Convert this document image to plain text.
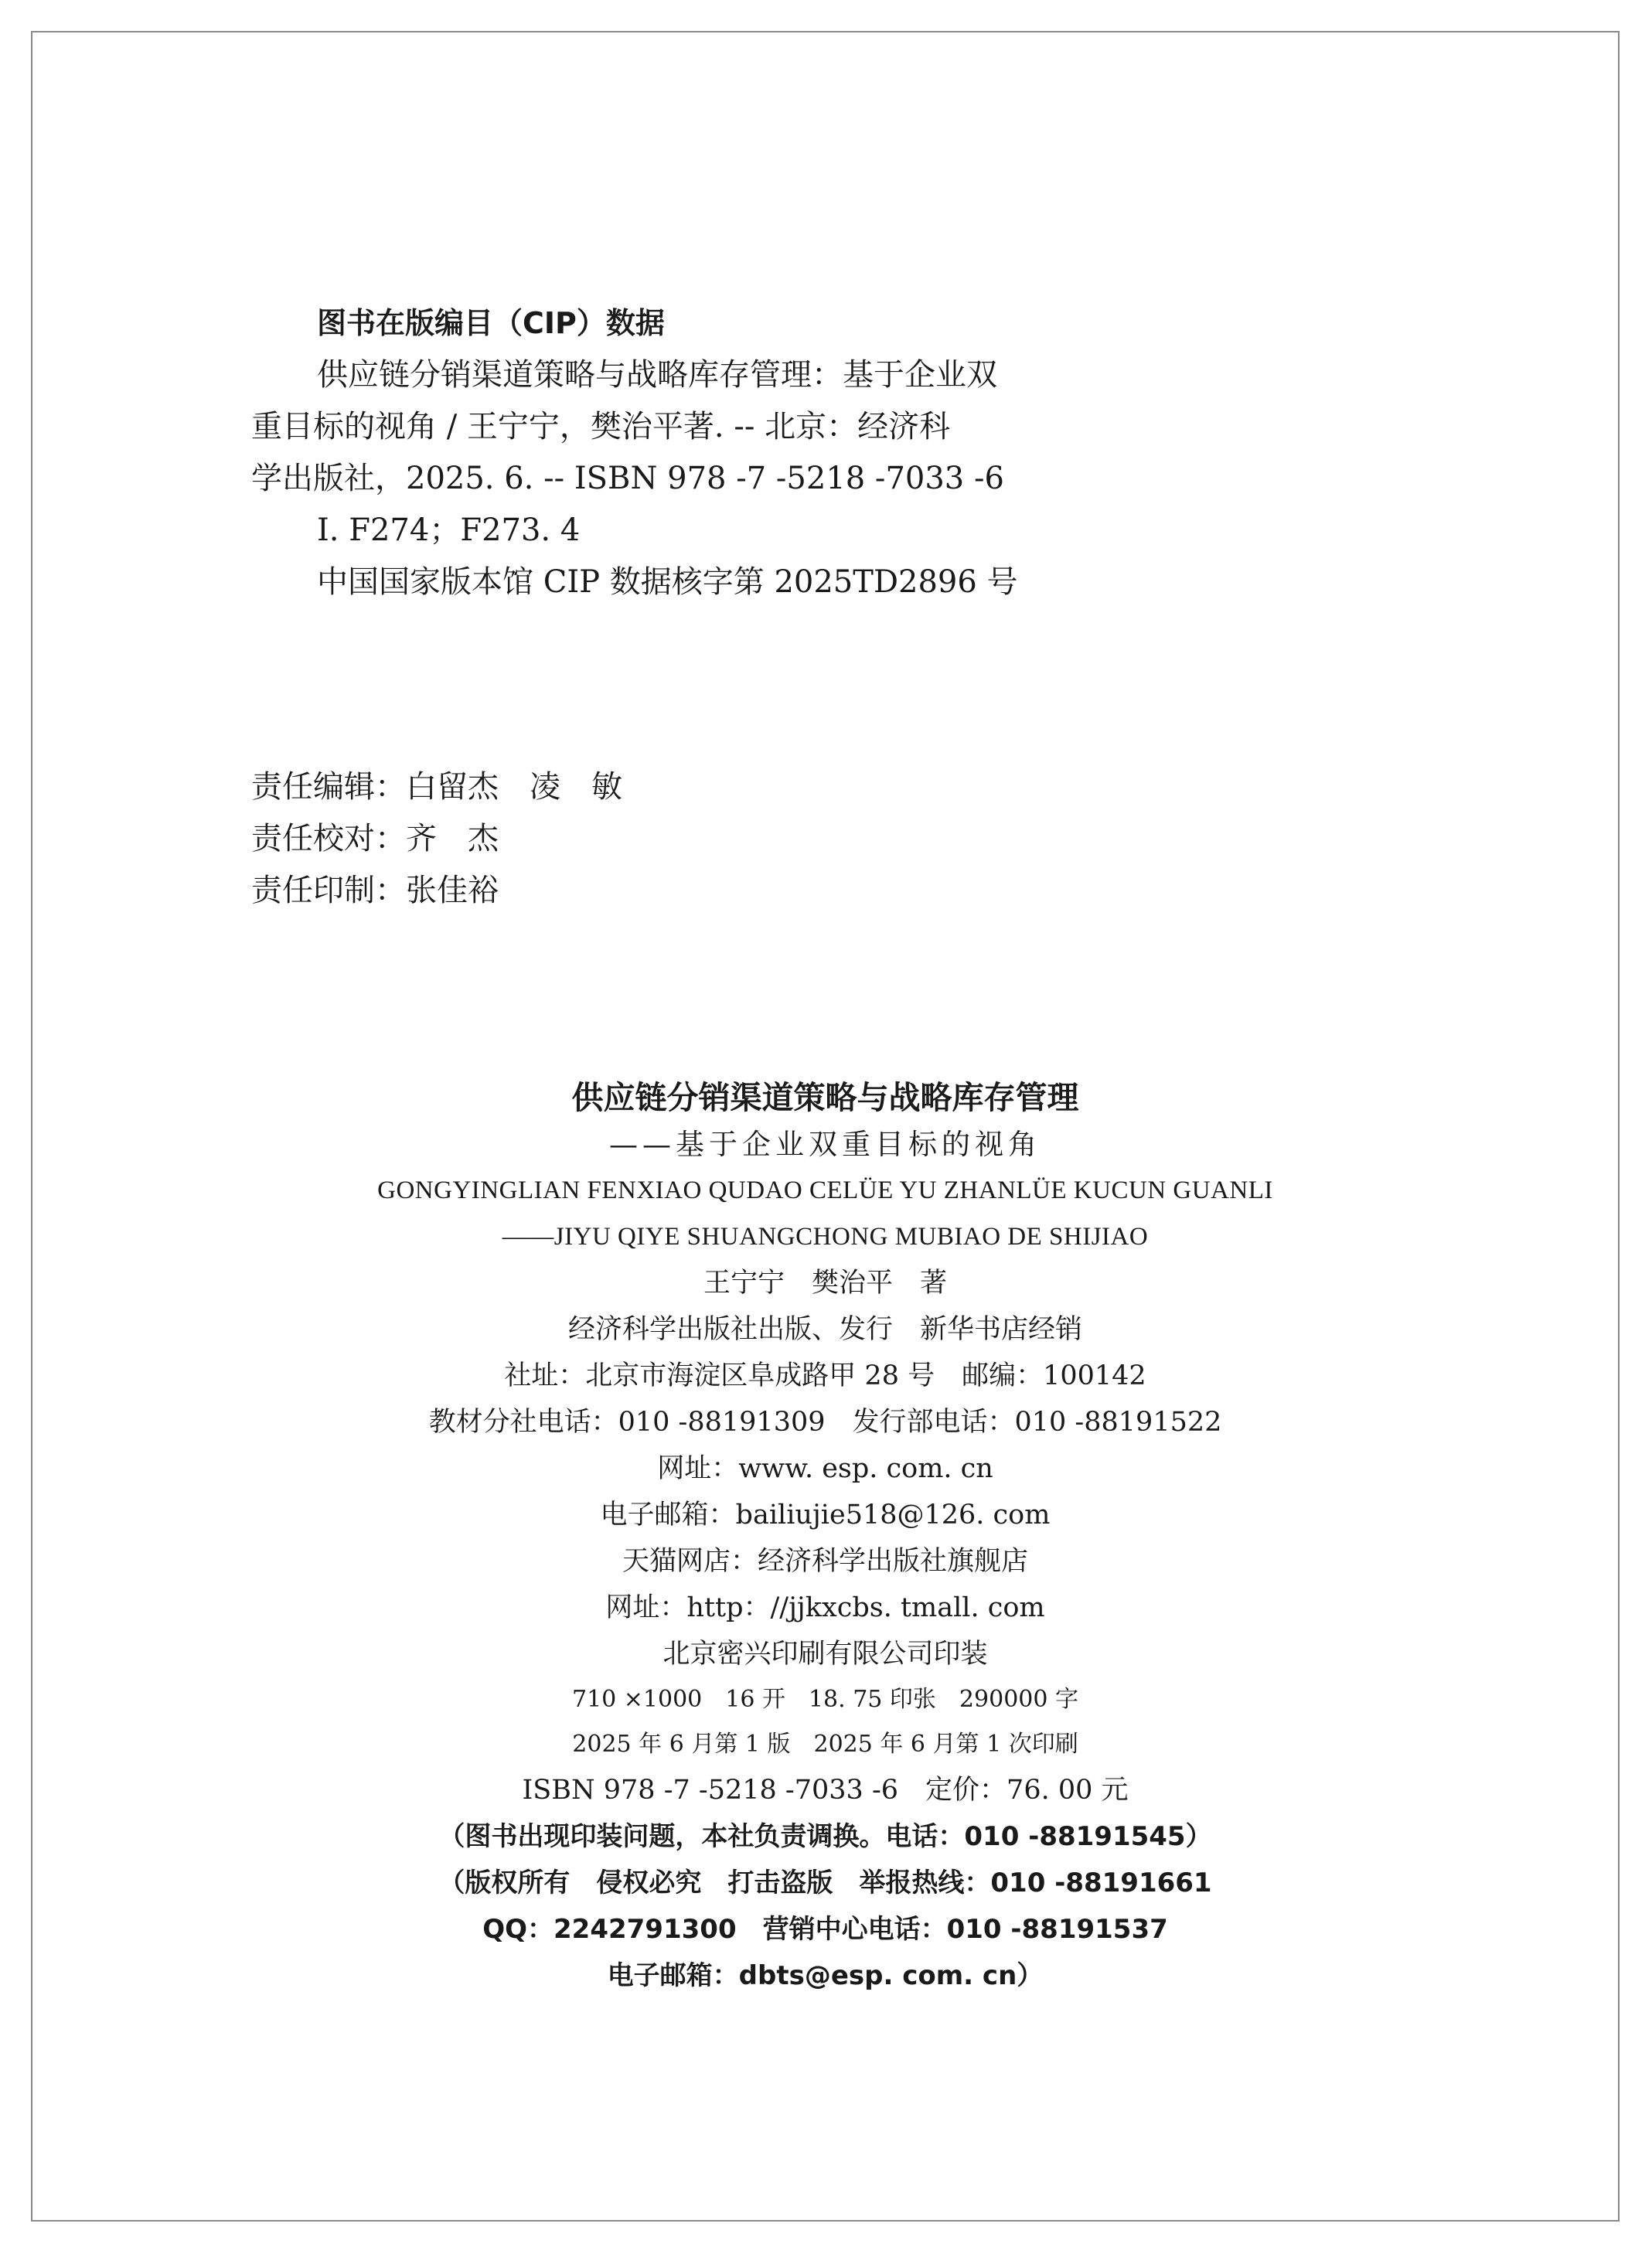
图书在版编目（CIP）数据
供应链分销渠道策略与战略库存管理：基于企业双
重目标的视角 / 王宁宁，樊治平著. -- 北京：经济科
学出版社，2025. 6. -- ISBN 978 -7 -5218 -7033 -6
Ⅰ. F274；F273. 4
中国国家版本馆 CIP 数据核字第 2025TD2896 号
责任编辑：白留杰　凌　敏
责任校对：齐　杰
责任印制：张佳裕
供应链分销渠道策略与战略库存管理
——基于企业双重目标的视角
GONGYINGLIAN FENXIAO QUDAO CELÜE YU ZHANLÜE KUCUN GUANLI
——JIYU QIYE SHUANGCHONG MUBIAO DE SHIJIAO
王宁宁　樊治平　著
经济科学出版社出版、发行　新华书店经销
社址：北京市海淀区阜成路甲 28 号　邮编：100142
教材分社电话：010 -88191309　发行部电话：010 -88191522
网址：www. esp. com. cn
电子邮箱：bailiujie518@126. com
天猫网店：经济科学出版社旗舰店
网址：http：//jjkxcbs. tmall. com
北京密兴印刷有限公司印装
710 ×1000　16 开　18. 75 印张　290000 字
2025 年 6 月第 1 版　2025 年 6 月第 1 次印刷
ISBN 978 -7 -5218 -7033 -6　定价：76. 00 元
（图书出现印装问题，本社负责调换。电话：010 -88191545）
（版权所有　侵权必究　打击盗版　举报热线：010 -88191661
QQ：2242791300　营销中心电话：010 -88191537
电子邮箱：dbts@esp. com. cn）
